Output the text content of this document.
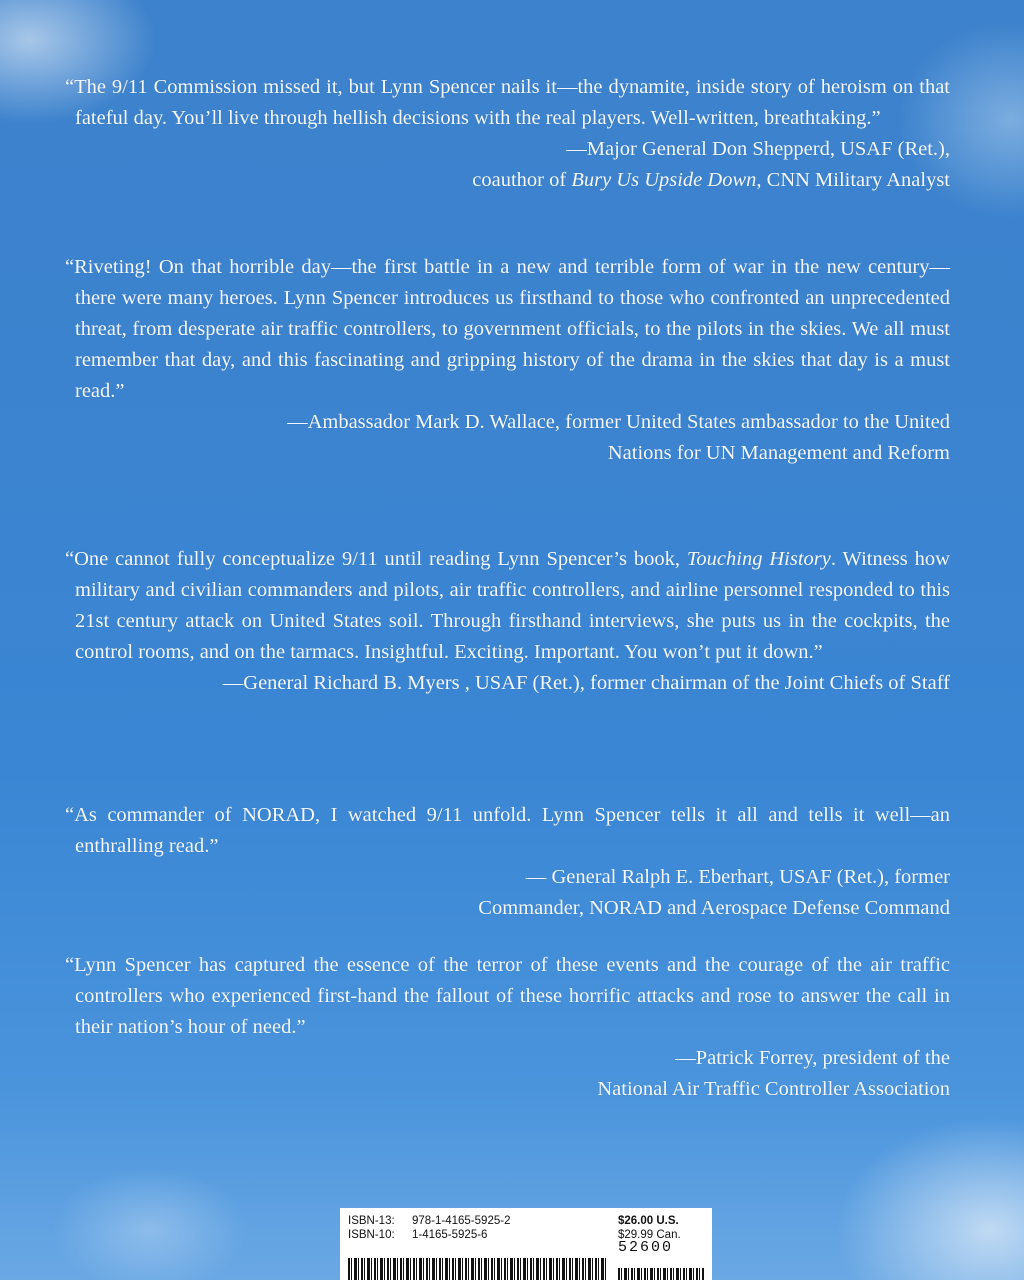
“The 9/11 Commission missed it, but Lynn Spencer nails it—the dynamite, inside story of heroism on that fateful day. You’ll live through hellish decisions with the real players. Well-written, breathtaking.”

—Major General Don Shepperd, USAF (Ret.),
coauthor of Bury Us Upside Down, CNN Military Analyst

“Riveting! On that horrible day—the first battle in a new and terrible form of war in the new century—there were many heroes. Lynn Spencer introduces us firsthand to those who confronted an unprecedented threat, from desperate air traffic controllers, to government officials, to the pilots in the skies. We all must remember that day, and this fascinating and gripping history of the drama in the skies that day is a must read.”

—Ambassador Mark D. Wallace, former United States ambassador to the United
Nations for UN Management and Reform

“One cannot fully conceptualize 9/11 until reading Lynn Spencer’s book, Touching History. Witness how military and civilian commanders and pilots, air traffic controllers, and airline personnel responded to this 21st century attack on United States soil. Through firsthand interviews, she puts us in the cockpits, the control rooms, and on the tarmacs. Insightful. Exciting. Important. You won’t put it down.”

—General Richard B. Myers , USAF (Ret.), former chairman of the Joint Chiefs of Staff

“As commander of NORAD, I watched 9/11 unfold. Lynn Spencer tells it all and tells it well—an enthralling read.”

— General Ralph E. Eberhart, USAF (Ret.), former
Commander, NORAD and Aerospace Defense Command

“Lynn Spencer has captured the essence of the terror of these events and the courage of the air traffic controllers who experienced first-hand the fallout of these horrific attacks and rose to answer the call in their nation’s hour of need.”

—Patrick Forrey, president of the
National Air Traffic Controller Association

ISBN-13:	978-1-4165-5925-2
ISBN-10:	1-4165-5925-6
$26.00 U.S.
$29.99 Can.
52600
